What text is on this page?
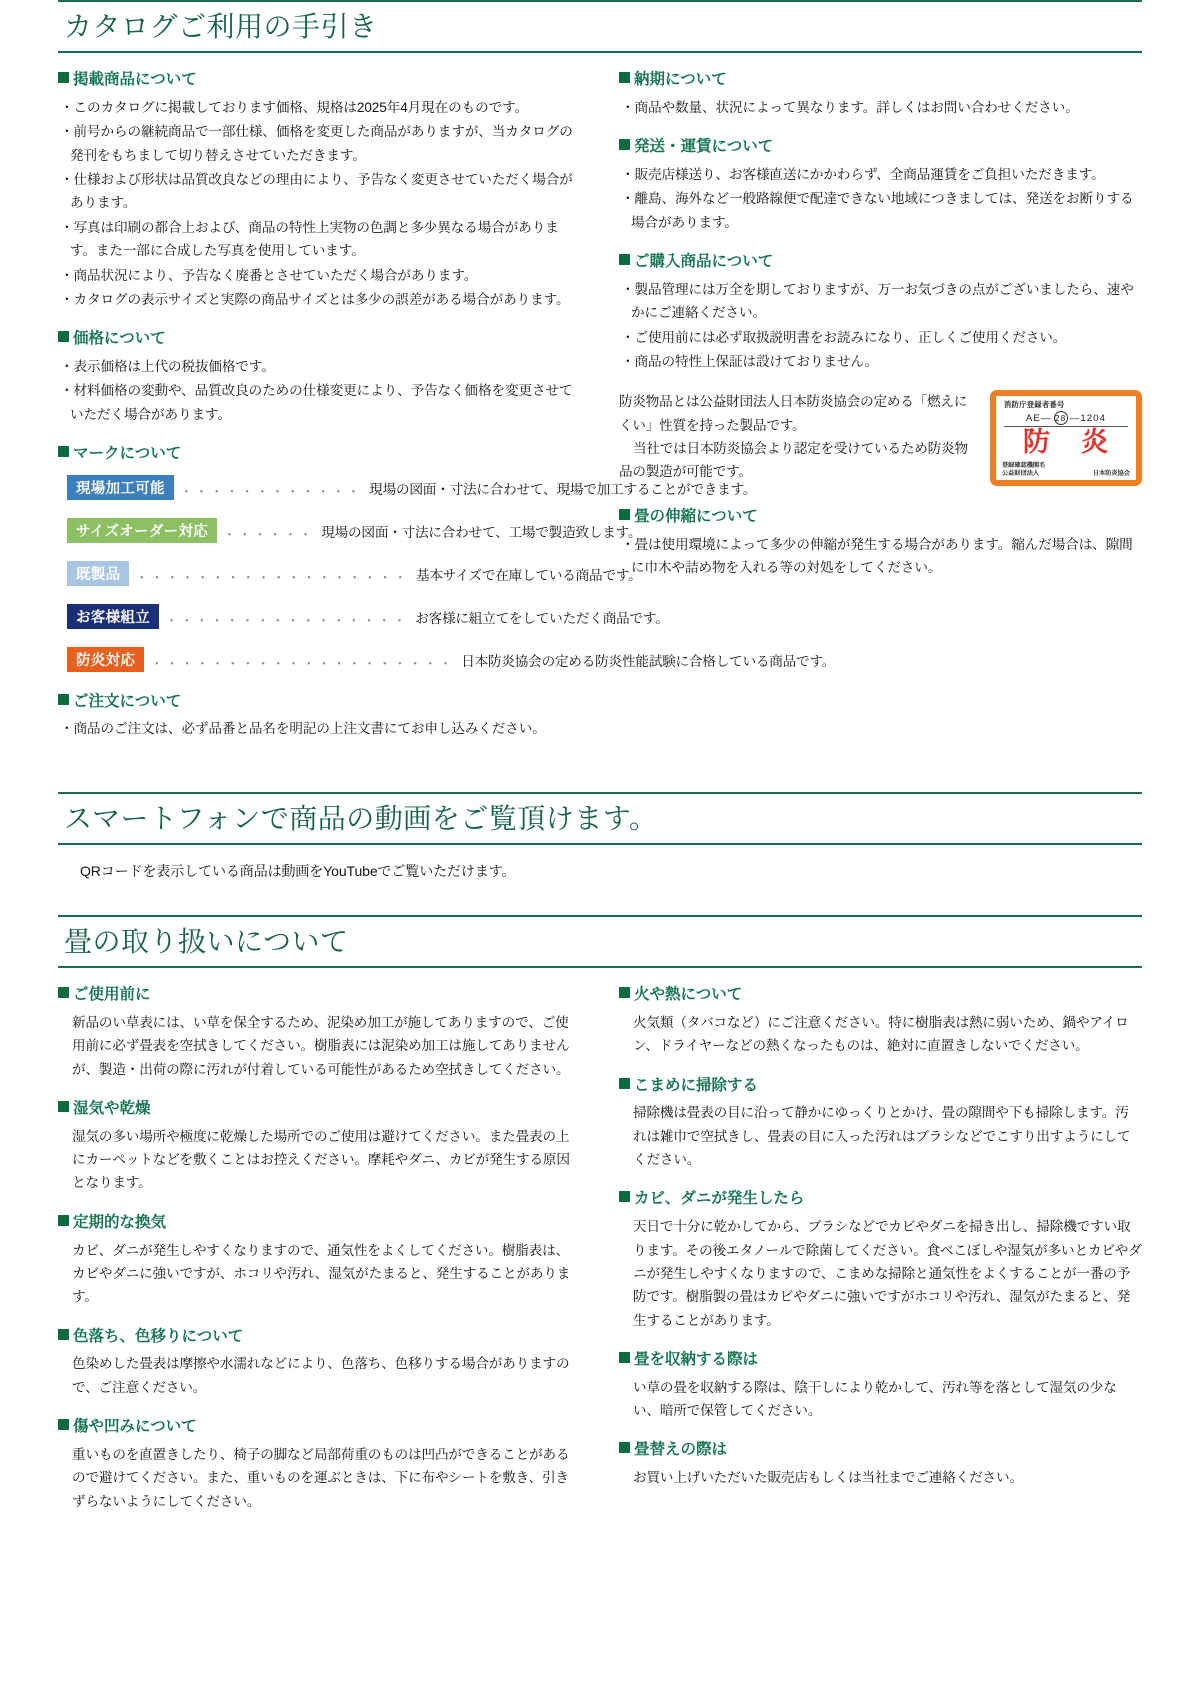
カタログご利用の手引き
掲載商品について
・ このカタログに掲載しております価格、規格は2025年4月現在のものです。
・ 前号からの継続商品で一部仕様、価格を変更した商品がありますが、当カタログの発刊をもちまして切り替えさせていただきます。
・ 仕様および形状は品質改良などの理由により、予告なく変更させていただく場合があります。
・ 写真は印刷の都合上および、商品の特性上実物の色調と多少異なる場合があります。また一部に合成した写真を使用しています。
・ 商品状況により、予告なく廃番とさせていただく場合があります。
・ カタログの表示サイズと実際の商品サイズとは多少の誤差がある場合があります。
価格について
・ 表示価格は上代の税抜価格です。
・ 材料価格の変動や、品質改良のための仕様変更により、予告なく価格を変更させていただく場合があります。
マークについて
現場加工可能	・・・・・・・・・・・・ 現場の図面・寸法に合わせて、現場で加工することができます。
サイズオーダー対応	・・・・・・ 現場の図面・寸法に合わせて、工場で製造致します。
既製品	・・・・・・・・・・・・・・・・・・ 基本サイズで在庫している商品です。
お客様組立	・・・・・・・・・・・・・・・・ お客様に組立てをしていただく商品です。
防炎対応	・・・・・・・・・・・・・・・・・・・・ 日本防炎協会の定める防炎性能試験に合格している商品です。
ご注文について
・ 商品のご注文は、必ず品番と品名を明記の上注文書にてお申し込みください。
納期について
・ 商品や数量、状況によって異なります。詳しくはお問い合わせください。
発送・運賃について
・ 販売店様送り、お客様直送にかかわらず、全商品運賃をご負担いただきます。
・ 離島、海外など一般路線便で配達できない地域につきましては、発送をお断りする場合があります。
ご購入商品について
・ 製品管理には万全を期しておりますが、万一お気づきの点がございましたら、速やかにご連絡ください。
・ ご使用前には必ず取扱説明書をお読みになり、正しくご使用ください。
・ 商品の特性上保証は設けておりません。
防炎物品とは公益財団法人日本防炎協会の定める「燃えにくい」性質を持った製品です。
当社では日本防炎協会より認定を受けているため防炎物品の製造が可能です。
消防庁登録者番号
AE— 28 —1204
防 炎
登録確認機関名
公益財団法人	日本防炎協会
畳の伸縮について
・ 畳は使用環境によって多少の伸縮が発生する場合があります。縮んだ場合は、隙間に巾木や詰め物を入れる等の対処をしてください。
スマートフォンで商品の動画をご覧頂けます。

QRコードを表示している商品は動画をYouTubeでご覧いただけます。

畳の取り扱いについて
ご使用前に

新品のい草表には、い草を保全するため、泥染め加工が施してありますので、ご使用前に必ず畳表を空拭きしてください。樹脂表には泥染め加工は施してありませんが、製造・出荷の際に汚れが付着している可能性があるため空拭きしてください。

湿気や乾燥

湿気の多い場所や極度に乾燥した場所でのご使用は避けてください。また畳表の上にカーペットなどを敷くことはお控えください。摩耗やダニ、カビが発生する原因となります。

定期的な換気

カビ、ダニが発生しやすくなりますので、通気性をよくしてください。樹脂表は、カビやダニに強いですが、ホコリや汚れ、湿気がたまると、発生することがあります。

色落ち、色移りについて

色染めした畳表は摩擦や水濡れなどにより、色落ち、色移りする場合がありますので、ご注意ください。

傷や凹みについて

重いものを直置きしたり、椅子の脚など局部荷重のものは凹凸ができることがあるので避けてください。また、重いものを運ぶときは、下に布やシートを敷き、引きずらないようにしてください。

火や熱について

火気類（タバコなど）にご注意ください。特に樹脂表は熱に弱いため、鍋やアイロン、ドライヤーなどの熱くなったものは、絶対に直置きしないでください。

こまめに掃除する

掃除機は畳表の目に沿って静かにゆっくりとかけ、畳の隙間や下も掃除します。汚れは雑巾で空拭きし、畳表の目に入った汚れはブラシなどでこすり出すようにしてください。

カビ、ダニが発生したら

天日で十分に乾かしてから、ブラシなどでカビやダニを掃き出し、掃除機ですい取ります。その後エタノールで除菌してください。食べこぼしや湿気が多いとカビやダニが発生しやすくなりますので、こまめな掃除と通気性をよくすることが一番の予防です。樹脂製の畳はカビやダニに強いですがホコリや汚れ、湿気がたまると、発生することがあります。

畳を収納する際は

い草の畳を収納する際は、陰干しにより乾かして、汚れ等を落として湿気の少ない、暗所で保管してください。

畳替えの際は

お買い上げいただいた販売店もしくは当社までご連絡ください。
